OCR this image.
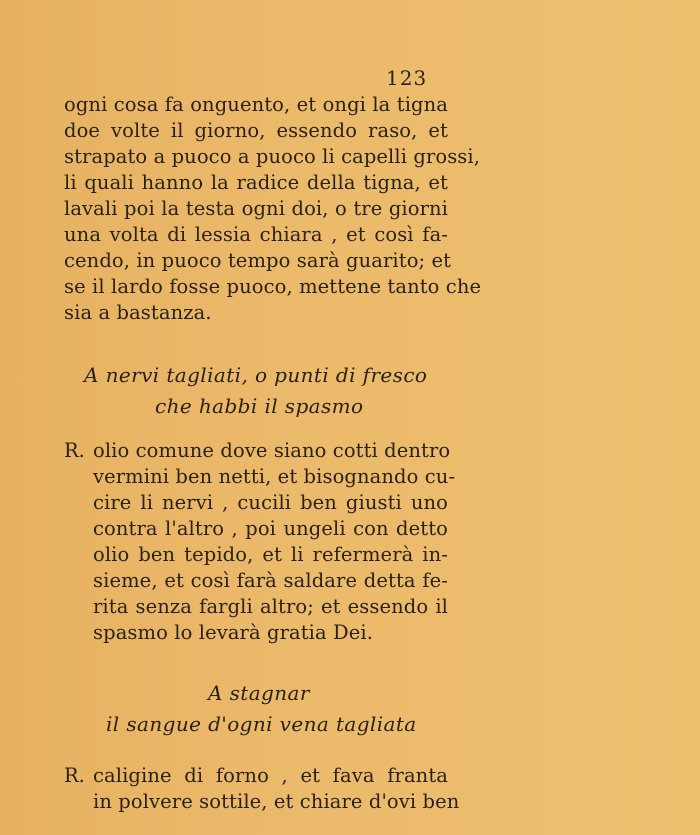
123
ogni cosa fa onguento, et ongi la tigna
doe volte il giorno, essendo raso, et
strapato a puoco a puoco li capelli grossi,
li quali hanno la radice della tigna, et
lavali poi la testa ogni doi, o tre giorni
una volta di lessia chiara , et così fa-
cendo, in puoco tempo sarà guarito; et
se il lardo fosse puoco, mettene tanto che
sia a bastanza.
A nervi tagliati, o punti di fresco
che habbi il spasmo
R. olio comune dove siano cotti dentro
vermini ben netti, et bisognando cu-
cire li nervi , cucili ben giusti uno
contra l'altro , poi ungeli con detto
olio ben tepido, et li refermerà in-
sieme, et così farà saldare detta fe-
rita senza fargli altro; et essendo il
spasmo lo levarà gratia Dei.
A stagnar
il sangue d'ogni vena tagliata
R. caligine di forno , et fava franta
in polvere sottile, et chiare d'ovi ben
